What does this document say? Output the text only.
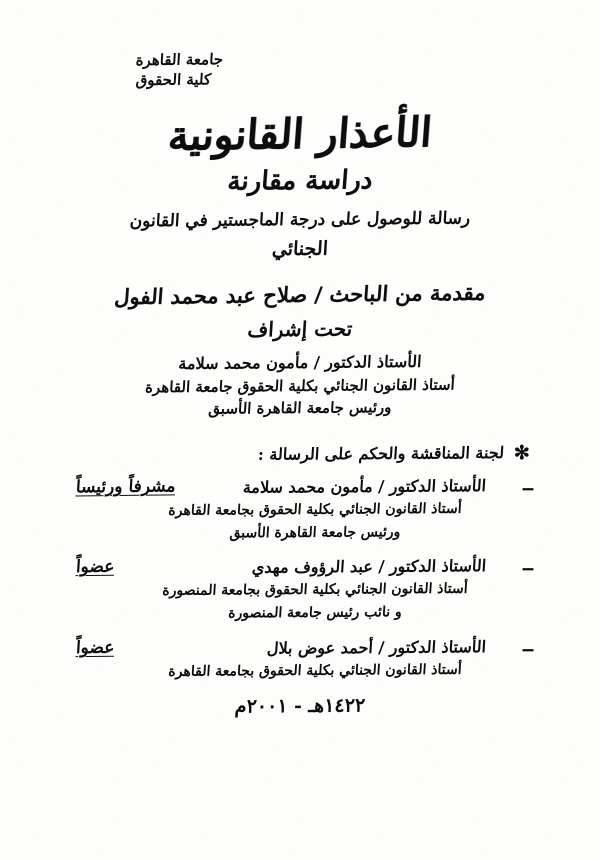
جامعة القاهرة
كلية الحقوق
الأعذار القانونية
دراسة مقارنة
رسالة للوصول على درجة الماجستير في القانون
الجنائي
مقدمة من الباحث / صلاح عبد محمد الفول
تحت إشراف
الأستاذ الدكتور / مأمون محمد سلامة
أستاذ القانون الجنائي بكلية الحقوق جامعة القاهرة
ورئيس جامعة القاهرة الأسبق
✻
لجنة المناقشة والحكم على الرسالة :
ــ
الأستاذ الدكتور / مأمون محمد سلامة
مشرفاً ورئيساً
أستاذ القانون الجنائي بكلية الحقوق بجامعة القاهرة
ورئيس جامعة القاهرة الأسبق
ــ
الأستاذ الدكتور / عبد الرؤوف مهدي
عضواً
أستاذ القانون الجنائي بكلية الحقوق بجامعة المنصورة
و نائب رئيس جامعة المنصورة
ــ
الأستاذ الدكتور / أحمد عوض بلال
عضواً
أستاذ القانون الجنائي بكلية الحقوق بجامعة القاهرة
١٤٢٢هـ - ٢٠٠١م
